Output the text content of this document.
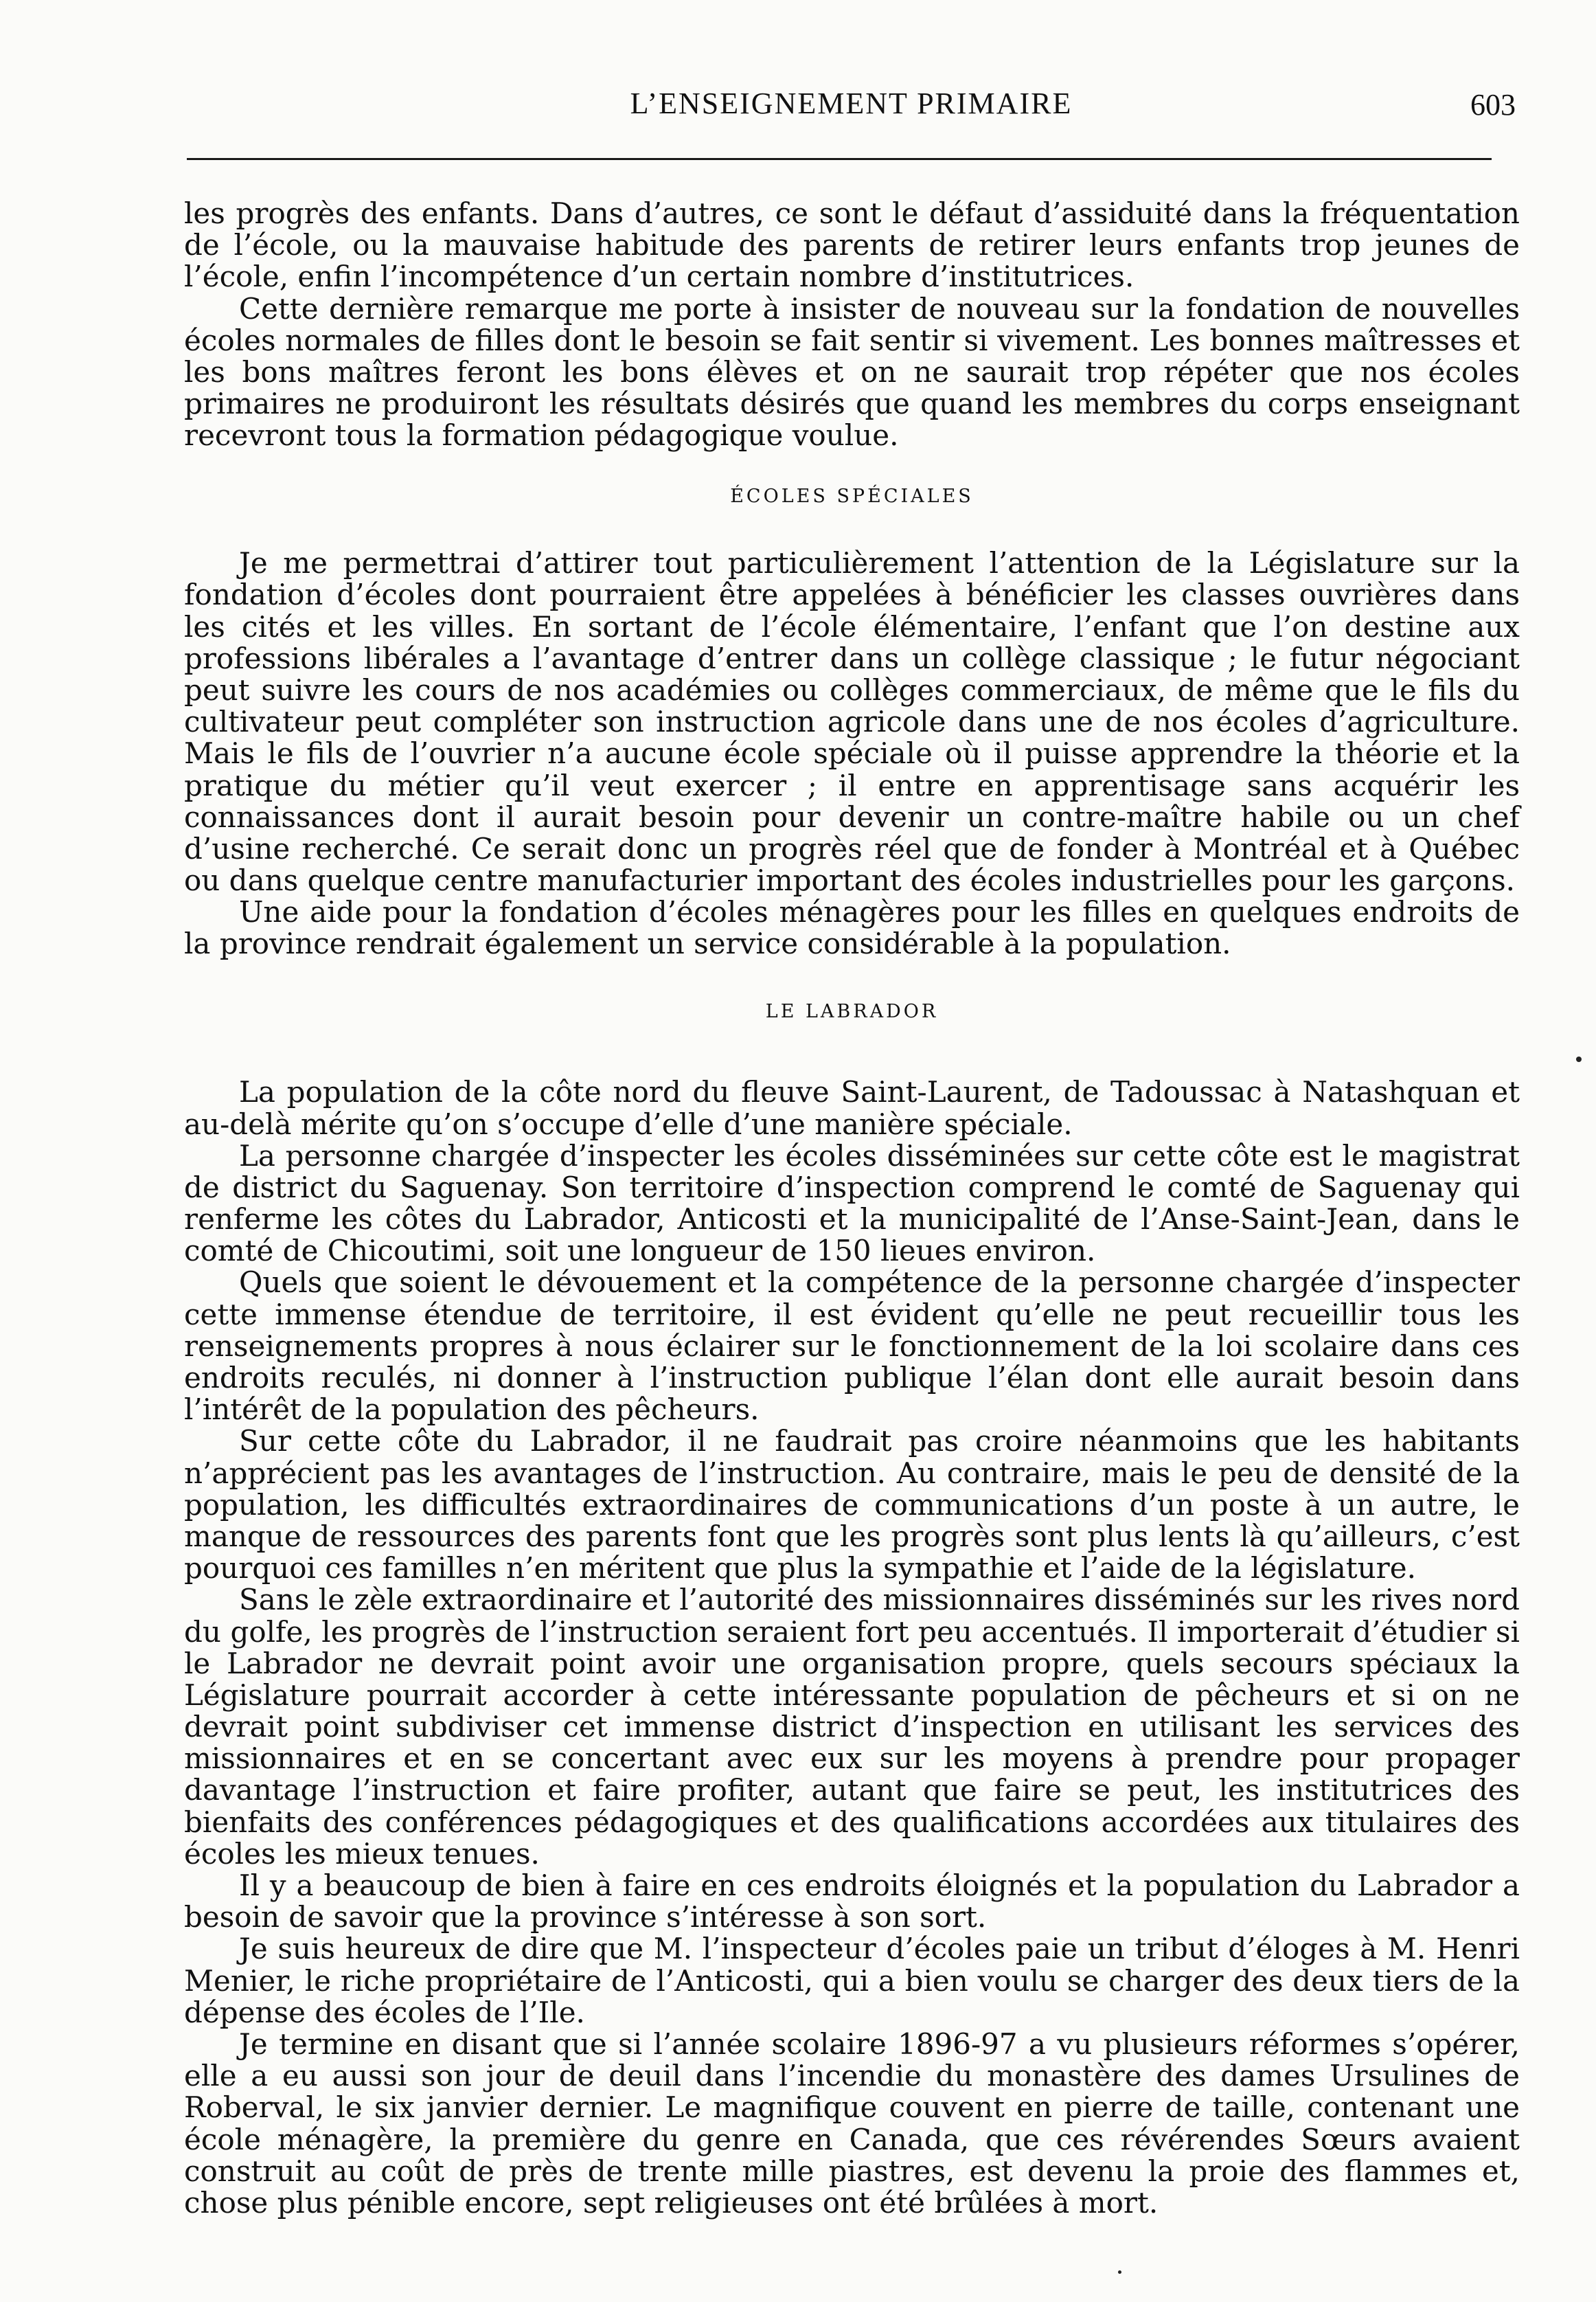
L’ENSEIGNEMENT PRIMAIRE	603

les progrès des enfants. Dans d’autres, ce sont le défaut d’assiduité dans la fréquentation de l’école, ou la mauvaise habitude des parents de retirer leurs enfants trop jeunes de l’école, enfin l’incompétence d’un certain nombre d’institutrices.

Cette dernière remarque me porte à insister de nouveau sur la fondation de nouvelles écoles normales de filles dont le besoin se fait sentir si vivement. Les bonnes maîtresses et les bons maîtres feront les bons élèves et on ne saurait trop répéter que nos écoles primaires ne produiront les résultats désirés que quand les membres du corps enseignant recevront tous la formation pédagogique voulue.

ÉCOLES SPÉCIALES

Je me permettrai d’attirer tout particulièrement l’attention de la Législature sur la fondation d’écoles dont pourraient être appelées à bénéficier les classes ouvrières dans les cités et les villes. En sortant de l’école élémentaire, l’enfant que l’on destine aux professions libérales a l’avantage d’entrer dans un collège classique ; le futur négociant peut suivre les cours de nos académies ou collèges commerciaux, de même que le fils du cultivateur peut compléter son instruction agricole dans une de nos écoles d’agriculture. Mais le fils de l’ouvrier n’a aucune école spéciale où il puisse apprendre la théorie et la pratique du métier qu’il veut exercer ; il entre en apprentisage sans acquérir les connaissances dont il aurait besoin pour devenir un contre-maître habile ou un chef d’usine recherché. Ce serait donc un progrès réel que de fonder à Montréal et à Québec ou dans quelque centre manufacturier important des écoles industrielles pour les garçons.

Une aide pour la fondation d’écoles ménagères pour les filles en quelques endroits de la province rendrait également un service considérable à la population.

LE LABRADOR

La population de la côte nord du fleuve Saint-Laurent, de Tadoussac à Natashquan et au-delà mérite qu’on s’occupe d’elle d’une manière spéciale.

La personne chargée d’inspecter les écoles disséminées sur cette côte est le magistrat de district du Saguenay. Son territoire d’inspection comprend le comté de Saguenay qui renferme les côtes du Labrador, Anticosti et la municipalité de l’Anse-Saint-Jean, dans le comté de Chicoutimi, soit une longueur de 150 lieues environ.

Quels que soient le dévouement et la compétence de la personne chargée d’inspecter cette immense étendue de territoire, il est évident qu’elle ne peut recueillir tous les renseignements propres à nous éclairer sur le fonctionnement de la loi scolaire dans ces endroits reculés, ni donner à l’instruction publique l’élan dont elle aurait besoin dans l’intérêt de la population des pêcheurs.

Sur cette côte du Labrador, il ne faudrait pas croire néanmoins que les habitants n’apprécient pas les avantages de l’instruction. Au contraire, mais le peu de densité de la population, les difficultés extraordinaires de communications d’un poste à un autre, le manque de ressources des parents font que les progrès sont plus lents là qu’ailleurs, c’est pourquoi ces familles n’en méritent que plus la sympathie et l’aide de la législature.

Sans le zèle extraordinaire et l’autorité des missionnaires disséminés sur les rives nord du golfe, les progrès de l’instruction seraient fort peu accentués. Il importerait d’étudier si le Labrador ne devrait point avoir une organisation propre, quels secours spéciaux la Législature pourrait accorder à cette intéressante population de pêcheurs et si on ne devrait point subdiviser cet immense district d’inspection en utilisant les services des missionnaires et en se concertant avec eux sur les moyens à prendre pour propager davantage l’instruction et faire profiter, autant que faire se peut, les institutrices des bienfaits des conférences pédagogiques et des qualifications accordées aux titulaires des écoles les mieux tenues.

Il y a beaucoup de bien à faire en ces endroits éloignés et la population du Labrador a besoin de savoir que la province s’intéresse à son sort.

Je suis heureux de dire que M. l’inspecteur d’écoles paie un tribut d’éloges à M. Henri Menier, le riche propriétaire de l’Anticosti, qui a bien voulu se charger des deux tiers de la dépense des écoles de l’Ile.

Je termine en disant que si l’année scolaire 1896-97 a vu plusieurs réformes s’opérer, elle a eu aussi son jour de deuil dans l’incendie du monastère des dames Ursulines de Roberval, le six janvier dernier. Le magnifique couvent en pierre de taille, contenant une école ménagère, la première du genre en Canada, que ces révérendes Sœurs avaient construit au coût de près de trente mille piastres, est devenu la proie des flammes et, chose plus pénible encore, sept religieuses ont été brûlées à mort.
